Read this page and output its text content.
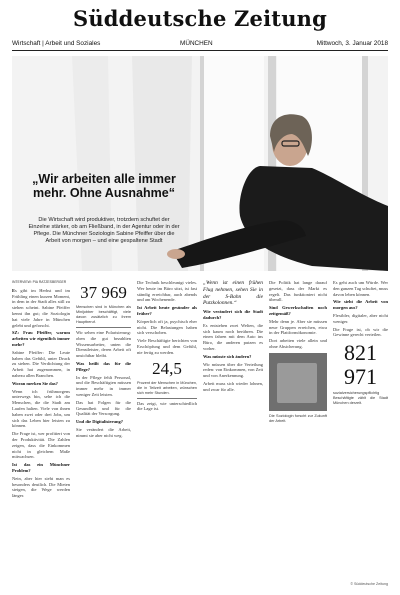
Süddeutsche Zeitung
Wirtschaft | Arbeit und Soziales	MÜNCHEN	Mittwoch, 3. Januar 2018
„Wir arbeiten alle immer mehr. Ohne Ausnahme“
Die Wirtschaft wird produktiver, trotzdem schuftet der Einzelne stärker, ob am Fließband, in der Agentur oder in der Pflege. Die Münchner Soziologin Sabine Pfeiffer über die Arbeit von morgen – und eine gespaltene Stadt

INTERVIEW: PIA RATZESBERGER

Es gibt im Herbst und im Frühling einen kurzen Moment, in dem in der Stadt alles still zu stehen scheint. Sabine Pfeiffer kennt ihn gut; die Soziologin hat viele Jahre in München gelebt und geforscht.

SZ: Frau Pfeiffer, warum arbeiten wir eigentlich immer mehr?

Sabine Pfeiffer: Die Leute haben das Gefühl, unter Druck zu stehen. Die Verdichtung der Arbeit hat zugenommen, in nahezu allen Branchen.

Woran merken Sie das?

Wenn ich frühmorgens unterwegs bin, sehe ich die Menschen, die die Stadt am Laufen halten. Viele von ihnen haben zwei oder drei Jobs, um sich das Leben hier leisten zu können.

Die Frage ist, wer profitiert von der Produktivität. Die Zahlen zeigen, dass die Einkommen nicht in gleichem Maße mitwachsen.

Ist das ein Münchner Problem?

Nein, aber hier sieht man es besonders deutlich. Die Mieten steigen, die Wege werden länger.

37 969

Menschen sind in München als Minijobber beschäftigt, viele davon zusätzlich zu ihrem Hauptberuf.

Wir sehen eine Polarisierung: oben die gut bezahlten Wissensarbeiter, unten die Dienstleister, deren Arbeit oft unsichtbar bleibt.

Was heißt das für die Pflege?

In der Pflege fehlt Personal, und die Beschäftigten müssen immer mehr in immer weniger Zeit leisten.

Das hat Folgen für die Gesundheit und für die Qualität der Versorgung.

Und die Digitalisierung?

Sie verändert die Arbeit, nimmt sie aber nicht weg.

Die Technik beschleunigt vieles. Wer heute im Büro sitzt, ist fast ständig erreichbar, auch abends und am Wochenende.

Ist Arbeit heute gesünder als früher?

Körperlich oft ja, psychisch eher nicht. Die Belastungen haben sich verschoben.

Viele Beschäftigte berichten von Erschöpfung und dem Gefühl, nie fertig zu werden.

24,5

Prozent der Menschen in München, die in Teilzeit arbeiten, wünschen sich mehr Stunden.

Das zeigt, wie unterschiedlich die Lage ist.

„Wenn ist einen frühen Flug nehmen, sehen Sie in der S-Bahn die Putzkolonnen.“

Wie verändert sich die Stadt dadurch?

Es entstehen zwei Welten, die sich kaum noch berühren. Die einen fahren mit dem Auto ins Büro, die anderen putzen es vorher.

Was müsste sich ändern?

Wir müssen über die Verteilung reden: von Einkommen, von Zeit und von Anerkennung.

Arbeit muss sich wieder lohnen, und zwar für alle.

Die Politik hat lange darauf gesetzt, dass der Markt es regelt. Das funktioniert nicht überall.

Sind Gewerkschaften noch zeitgemäß?

Mehr denn je. Aber sie müssen neue Gruppen erreichen, etwa in der Plattformökonomie.

Dort arbeiten viele allein und ohne Absicherung.

Die Soziologin forscht zur Zukunft der Arbeit.

Es geht auch um Würde. Wer den ganzen Tag schuftet, muss davon leben können.

Wie sieht die Arbeit von morgen aus?

Flexibler, digitaler, aber nicht weniger.

Die Frage ist, ob wir die Gewinne gerecht verteilen.

821 971

sozialversicherungspflichtig Beschäftigte zählt die Stadt München derzeit.

© Süddeutsche Zeitung
